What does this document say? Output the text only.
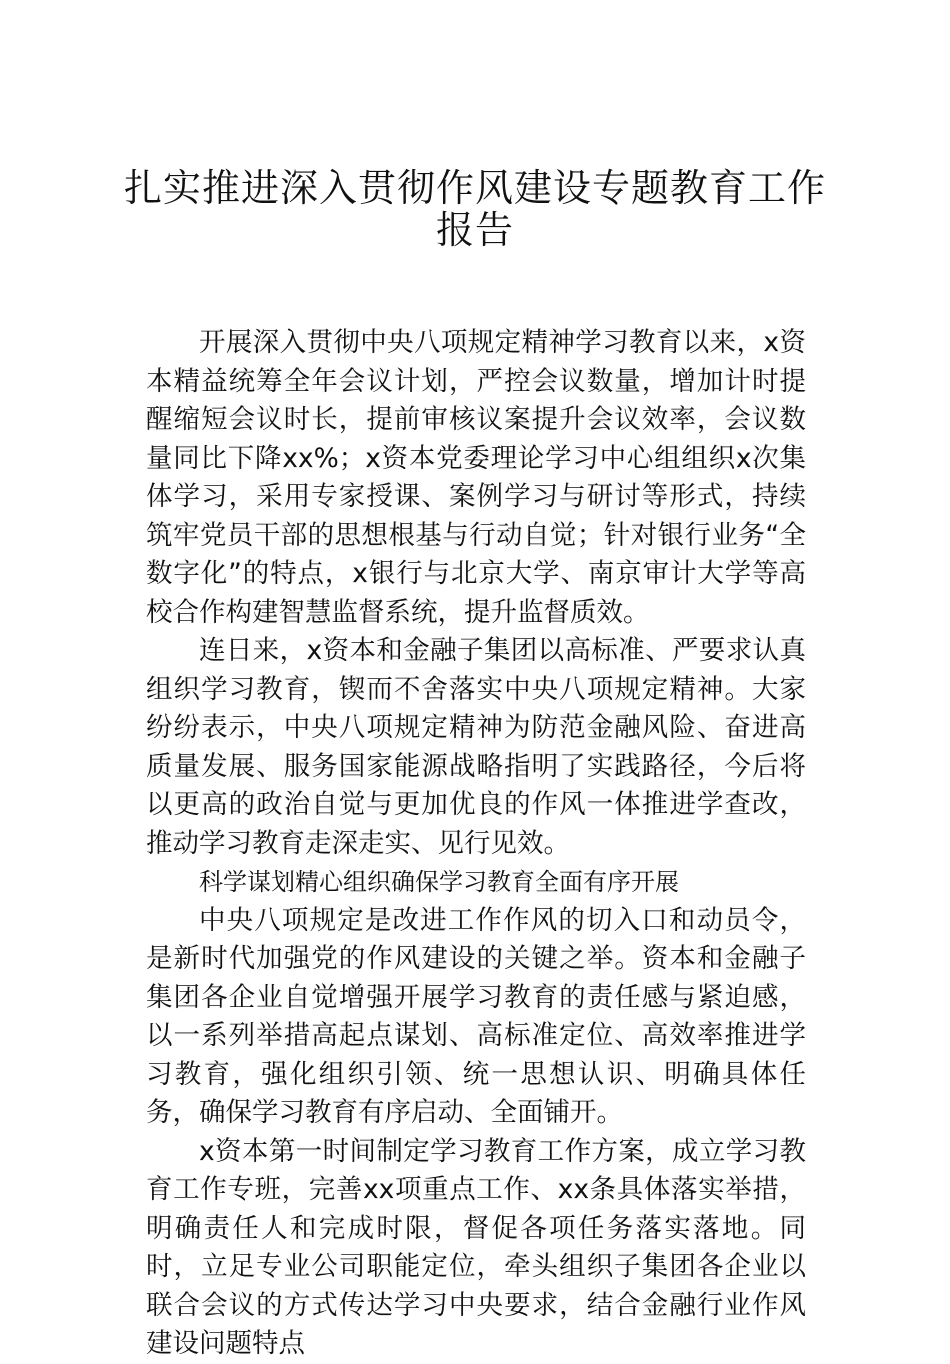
扎实推进深入贯彻作风建设专题教育工作
报告

开展深入贯彻中央八项规定精神学习教育以来，x资本精益统筹全年会议计划，严控会议数量，增加计时提醒缩短会议时长，提前审核议案提升会议效率，会议数量同比下降xx%；x资本党委理论学习中心组组织x次集体学习，采用专家授课、案例学习与研讨等形式，持续筑牢党员干部的思想根基与行动自觉；针对银行业务“全数字化”的特点，x银行与北京大学、南京审计大学等高校合作构建智慧监督系统，提升监督质效。

连日来，x资本和金融子集团以高标准、严要求认真组织学习教育，锲而不舍落实中央八项规定精神。大家纷纷表示，中央八项规定精神为防范金融风险、奋进高质量发展、服务国家能源战略指明了实践路径，今后将以更高的政治自觉与更加优良的作风一体推进学查改，推动学习教育走深走实、见行见效。

科学谋划精心组织确保学习教育全面有序开展

中央八项规定是改进工作作风的切入口和动员令，是新时代加强党的作风建设的关键之举。资本和金融子集团各企业自觉增强开展学习教育的责任感与紧迫感，以一系列举措高起点谋划、高标准定位、高效率推进学习教育，强化组织引领、统一思想认识、明确具体任务，确保学习教育有序启动、全面铺开。

x资本第一时间制定学习教育工作方案，成立学习教育工作专班，完善xx项重点工作、xx条具体落实举措，明确责任人和完成时限，督促各项任务落实落地。同时，立足专业公司职能定位，牵头组织子集团各企业以联合会议的方式传达学习中央要求，结合金融行业作风建设问题特点
